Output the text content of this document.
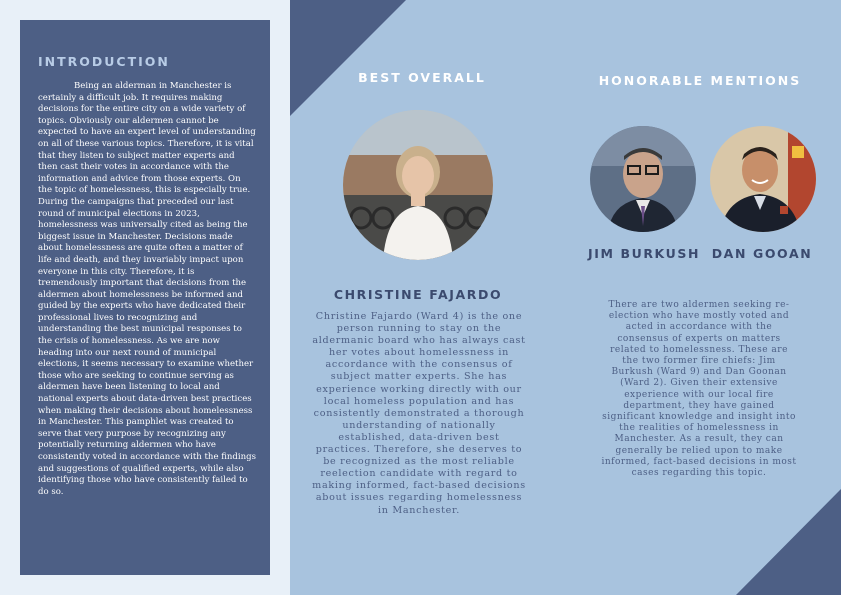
INTRODUCTION

Being an alderman in Manchester is certainly a difficult job. It requires making decisions for the entire city on a wide variety of topics. Obviously our aldermen cannot be expected to have an expert level of understanding on all of these various topics. Therefore, it is vital that they listen to subject matter experts and then cast their votes in accordance with the information and advice from those experts. On the topic of homelessness, this is especially true. During the campaigns that preceded our last round of municipal elections in 2023, homelessness was universally cited as being the biggest issue in Manchester. Decisions made about homelessness are quite often a matter of life and death, and they invariably impact upon everyone in this city. Therefore, it is tremendously important that decisions from the aldermen about homelessness be informed and guided by the experts who have dedicated their professional lives to recognizing and understanding the best municipal responses to the crisis of homelessness. As we are now heading into our next round of municipal elections, it seems necessary to examine whether those who are seeking to continue serving as aldermen have been listening to local and national experts about data-driven best practices when making their decisions about homelessness in Manchester. This pamphlet was created to serve that very purpose by recognizing any potentially returning aldermen who have consistently voted in accordance with the findings and suggestions of qualified experts, while also identifying those who have consistently failed to do so.

BEST OVERALL
CHRISTINE FAJARDO

Christine Fajardo (Ward 4) is the one person running to stay on the aldermanic board who has always cast her votes about homelessness in accordance with the consensus of subject matter experts. She has experience working directly with our local homeless population and has consistently demonstrated a thorough understanding of nationally established, data-driven best practices. Therefore, she deserves to be recognized as the most reliable reelection candidate with regard to making informed, fact-based decisions about issues regarding homelessness in Manchester.

HONORABLE MENTIONS
JIM BURKUSH DAN GOOAN

There are two aldermen seeking re-election who have mostly voted and acted in accordance with the consensus of experts on matters related to homelessness. These are the two former fire chiefs: Jim Burkush (Ward 9) and Dan Goonan (Ward 2). Given their extensive experience with our local fire department, they have gained significant knowledge and insight into the realities of homelessness in Manchester. As a result, they can generally be relied upon to make informed, fact-based decisions in most cases regarding this topic.
